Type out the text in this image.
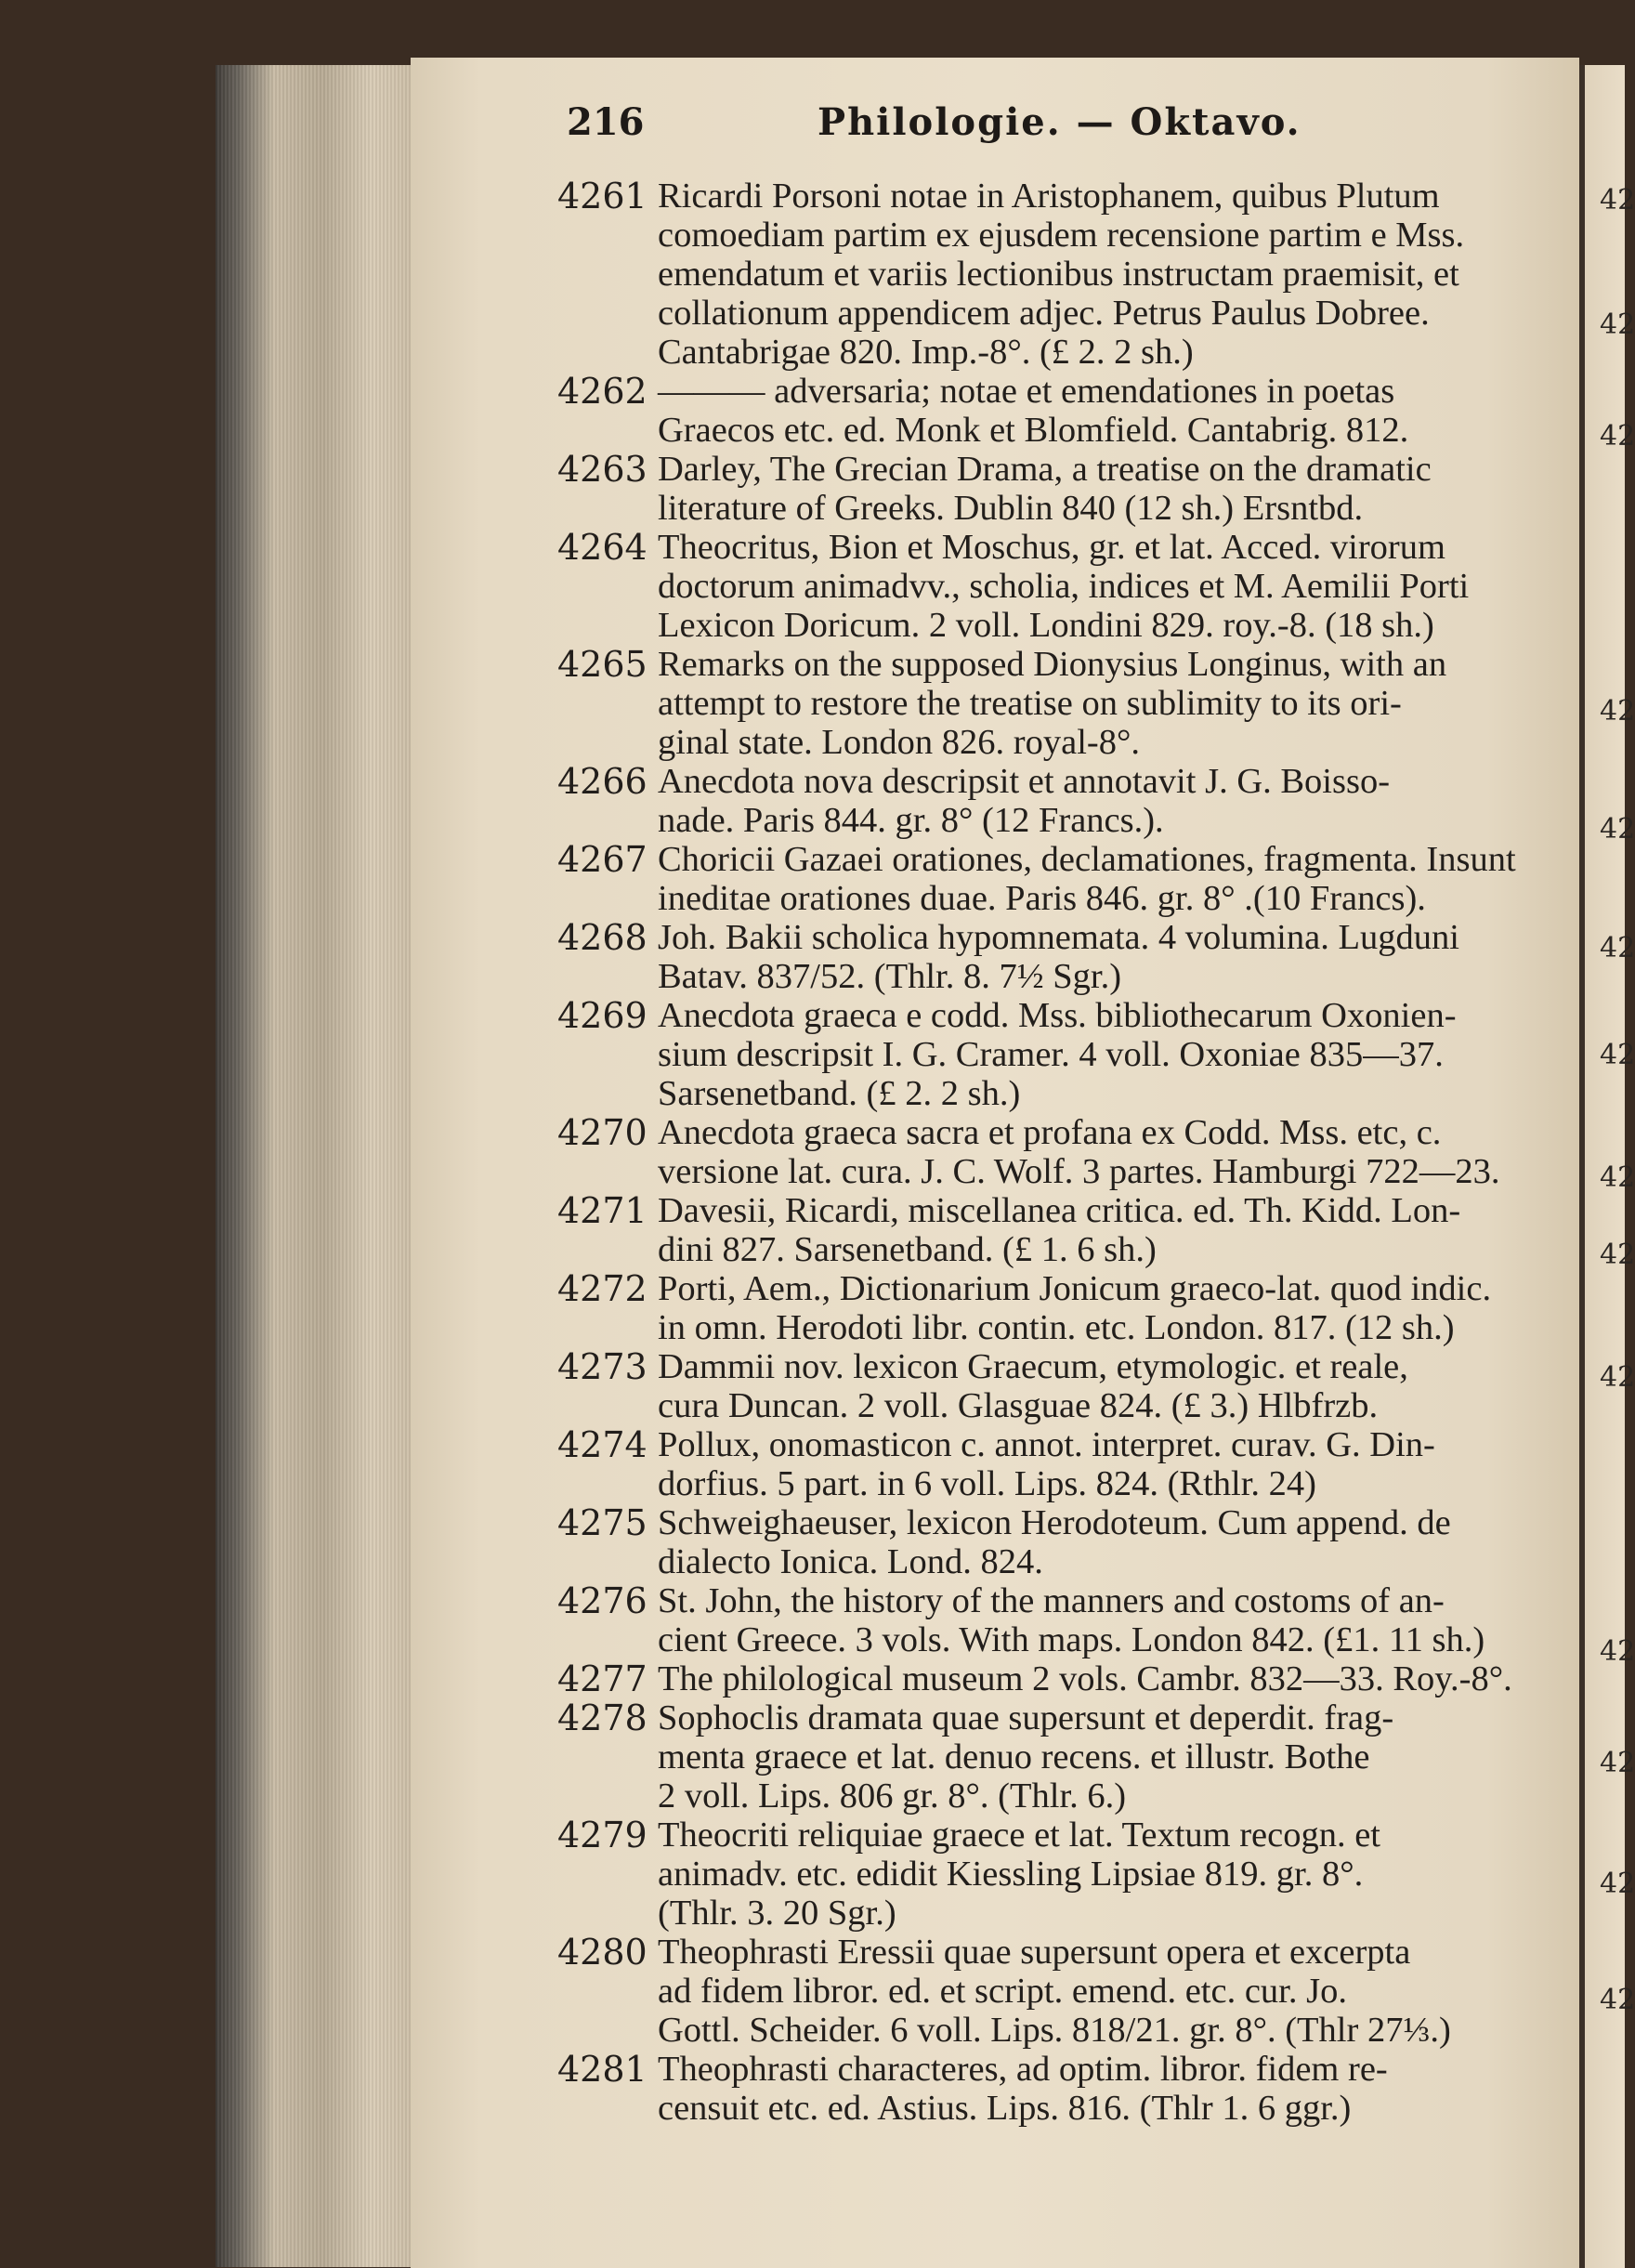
216	Philologie. — Oktavo.
4261 Ricardi Porsoni notae in Aristophanem, quibus Plutum
comoediam partim ex ejusdem recensione partim e Mss.
emendatum et variis lectionibus instructam praemisit, et
collationum appendicem adjec. Petrus Paulus Dobree.
Cantabrigae 820. Imp.-8°. (£ 2. 2 sh.)
4262 ——— adversaria; notae et emendationes in poetas
Graecos etc. ed. Monk et Blomfield. Cantabrig. 812.
4263 Darley, The Grecian Drama, a treatise on the dramatic
literature of Greeks. Dublin 840 (12 sh.) Ersntbd.
4264 Theocritus, Bion et Moschus, gr. et lat. Acced. virorum
doctorum animadvv., scholia, indices et M. Aemilii Porti
Lexicon Doricum. 2 voll. Londini 829. roy.-8. (18 sh.)
4265 Remarks on the supposed Dionysius Longinus, with an
attempt to restore the treatise on sublimity to its ori-
ginal state. London 826. royal-8°.
4266 Anecdota nova descripsit et annotavit J. G. Boisso-
nade. Paris 844. gr. 8° (12 Francs.).
4267 Choricii Gazaei orationes, declamationes, fragmenta. Insunt
ineditae orationes duae. Paris 846. gr. 8° .(10 Francs).
4268 Joh. Bakii scholica hypomnemata. 4 volumina. Lugduni
Batav. 837/52. (Thlr. 8. 7½ Sgr.)
4269 Anecdota graeca e codd. Mss. bibliothecarum Oxonien-
sium descripsit I. G. Cramer. 4 voll. Oxoniae 835—37.
Sarsenetband. (£ 2. 2 sh.)
4270 Anecdota graeca sacra et profana ex Codd. Mss. etc, c.
versione lat. cura. J. C. Wolf. 3 partes. Hamburgi 722—23.
4271 Davesii, Ricardi, miscellanea critica. ed. Th. Kidd. Lon-
dini 827. Sarsenetband. (£ 1. 6 sh.)
4272 Porti, Aem., Dictionarium Jonicum graeco-lat. quod indic.
in omn. Herodoti libr. contin. etc. London. 817. (12 sh.)
4273 Dammii nov. lexicon Graecum, etymologic. et reale,
cura Duncan. 2 voll. Glasguae 824. (£ 3.) Hlbfrzb.
4274 Pollux, onomasticon c. annot. interpret. curav. G. Din-
dorfius. 5 part. in 6 voll. Lips. 824. (Rthlr. 24)
4275 Schweighaeuser, lexicon Herodoteum. Cum append. de
dialecto Ionica. Lond. 824.
4276 St. John, the history of the manners and costoms of an-
cient Greece. 3 vols. With maps. London 842. (£1. 11 sh.)
4277 The philological museum 2 vols. Cambr. 832—33. Roy.-8°.
4278 Sophoclis dramata quae supersunt et deperdit. frag-
menta graece et lat. denuo recens. et illustr. Bothe
2 voll. Lips. 806 gr. 8°. (Thlr. 6.)
4279 Theocriti reliquiae graece et lat. Textum recogn. et
animadv. etc. edidit Kiessling Lipsiae 819. gr. 8°.
(Thlr. 3. 20 Sgr.)
4280 Theophrasti Eressii quae supersunt opera et excerpta
ad fidem libror. ed. et script. emend. etc. cur. Jo.
Gottl. Scheider. 6 voll. Lips. 818/21. gr. 8°. (Thlr 27⅓.)
4281 Theophrasti characteres, ad optim. libror. fidem re-
censuit etc. ed. Astius. Lips. 816. (Thlr 1. 6 ggr.)
42
42
42
42
42
42
42
42
42
42
42
42
42
42
